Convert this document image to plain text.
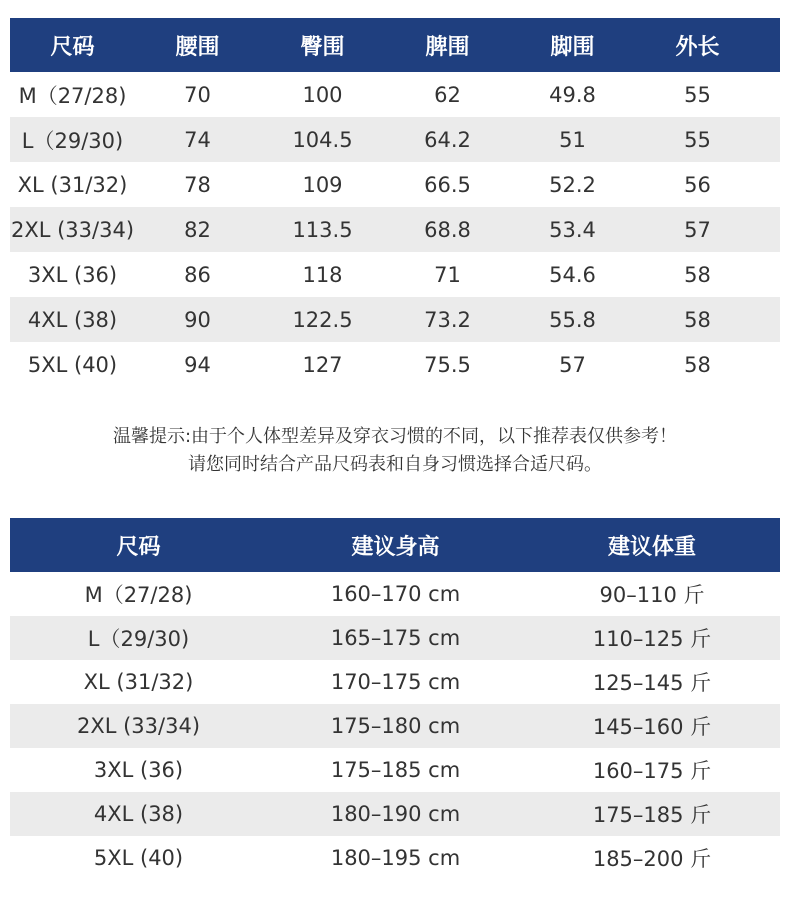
尺码	腰围	臀围	脾围	脚围	外长
M（27/28)	70	100	62	49.8	55
L（29/30)	74	104.5	64.2	51	55
XL (31/32)	78	109	66.5	52.2	56
2XL (33/34)	82	113.5	68.8	53.4	57
3XL (36)	86	118	71	54.6	58
4XL (38)	90	122.5	73.2	55.8	58
5XL (40)	94	127	75.5	57	58
温馨提示:由于个人体型差异及穿衣习惯的不同，以下推荐表仅供参考！
请您同时结合产品尺码表和自身习惯选择合适尺码。
尺码	建议身高	建议体重
M（27/28)	160–170 cm	90–110 斤
L（29/30)	165–175 cm	110–125 斤
XL (31/32)	170–175 cm	125–145 斤
2XL (33/34)	175–180 cm	145–160 斤
3XL (36)	175–185 cm	160–175 斤
4XL (38)	180–190 cm	175–185 斤
5XL (40)	180–195 cm	185–200 斤
